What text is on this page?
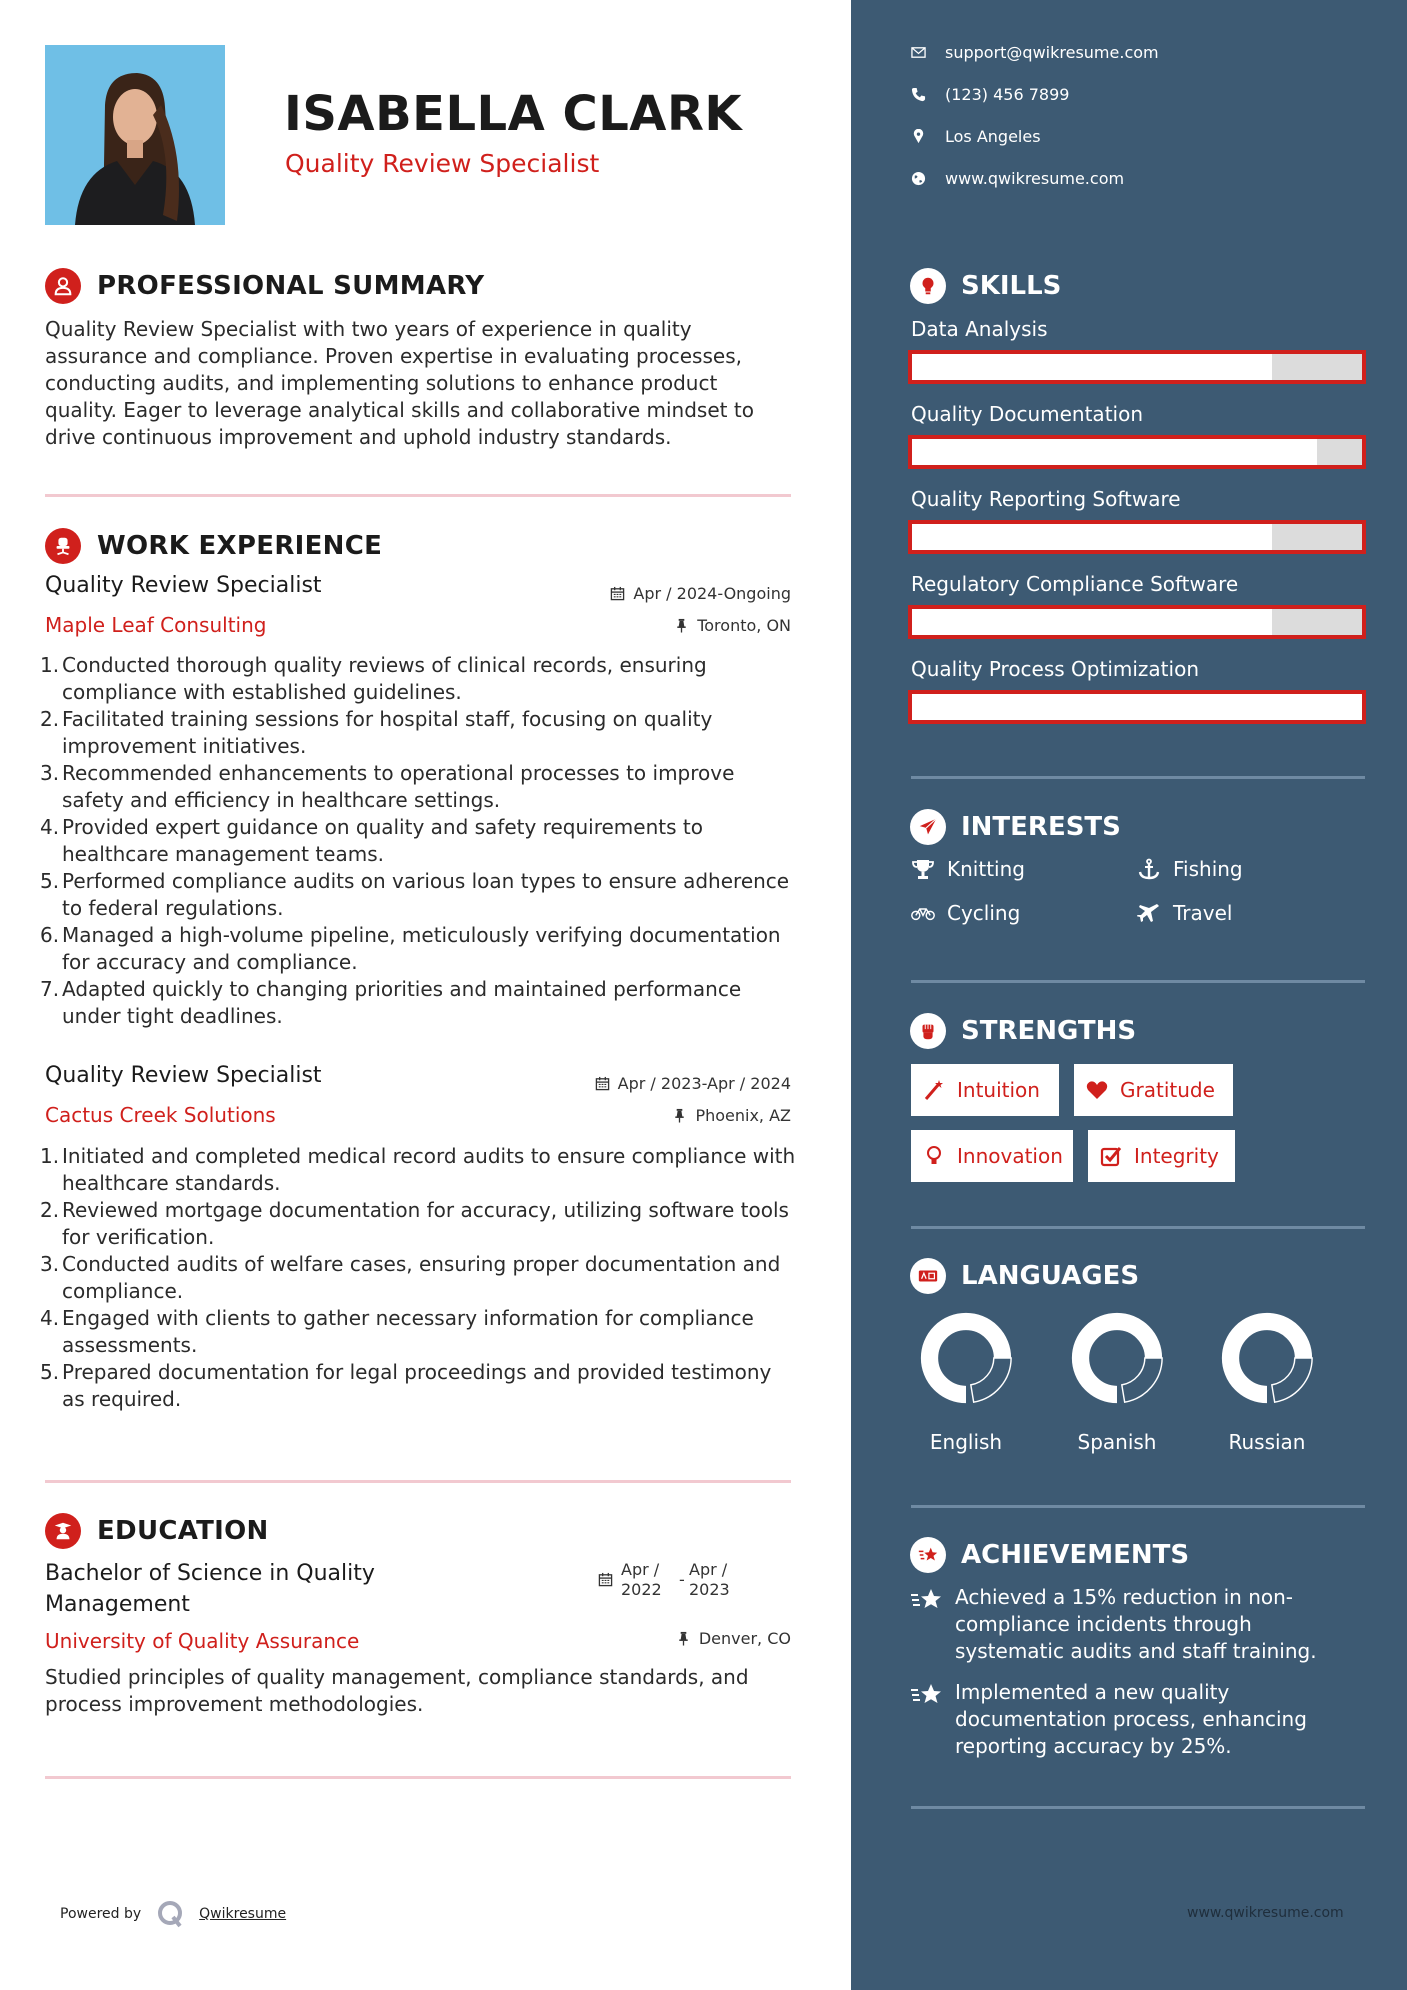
ISABELLA CLARK
Quality Review Specialist
PROFESSIONAL SUMMARY
Quality Review Specialist with two years of experience in quality assurance and compliance. Proven expertise in evaluating processes, conducting audits, and implementing solutions to enhance product quality. Eager to leverage analytical skills and collaborative mindset to drive continuous improvement and uphold industry standards.
WORK EXPERIENCE
Quality Review Specialist	Apr / 2024-Ongoing
Maple Leaf Consulting	Toronto, ON
1. Conducted thorough quality reviews of clinical records, ensuring compliance with established guidelines.
2. Facilitated training sessions for hospital staff, focusing on quality improvement initiatives.
3. Recommended enhancements to operational processes to improve safety and efficiency in healthcare settings.
4. Provided expert guidance on quality and safety requirements to healthcare management teams.
5. Performed compliance audits on various loan types to ensure adherence to federal regulations.
6. Managed a high-volume pipeline, meticulously verifying documentation for accuracy and compliance.
7. Adapted quickly to changing priorities and maintained performance under tight deadlines.
Quality Review Specialist	Apr / 2023-Apr / 2024
Cactus Creek Solutions	Phoenix, AZ
1. Initiated and completed medical record audits to ensure compliance with healthcare standards.
2. Reviewed mortgage documentation for accuracy, utilizing software tools for verification.
3. Conducted audits of welfare cases, ensuring proper documentation and compliance.
4. Engaged with clients to gather necessary information for compliance assessments.
5. Prepared documentation for legal proceedings and provided testimony as required.
EDUCATION
Bachelor of Science in Quality
Management
Apr /
2022
-
Apr /
2023
University of Quality Assurance	Denver, CO
Studied principles of quality management, compliance standards, and process improvement methodologies.
Powered by	Qwikresume
support@qwikresume.com
(123) 456 7899
Los Angeles
www.qwikresume.com
SKILLS
Data Analysis
Quality Documentation
Quality Reporting Software
Regulatory Compliance Software
Quality Process Optimization
INTERESTS
Knitting	Fishing
Cycling	Travel
STRENGTHS
Intuition	Gratitude
Innovation	Integrity
LANGUAGES
English	Spanish	Russian
ACHIEVEMENTS
Achieved a 15% reduction in non-compliance incidents through systematic audits and staff training.
Implemented a new quality documentation process, enhancing reporting accuracy by 25%.
www.qwikresume.com
